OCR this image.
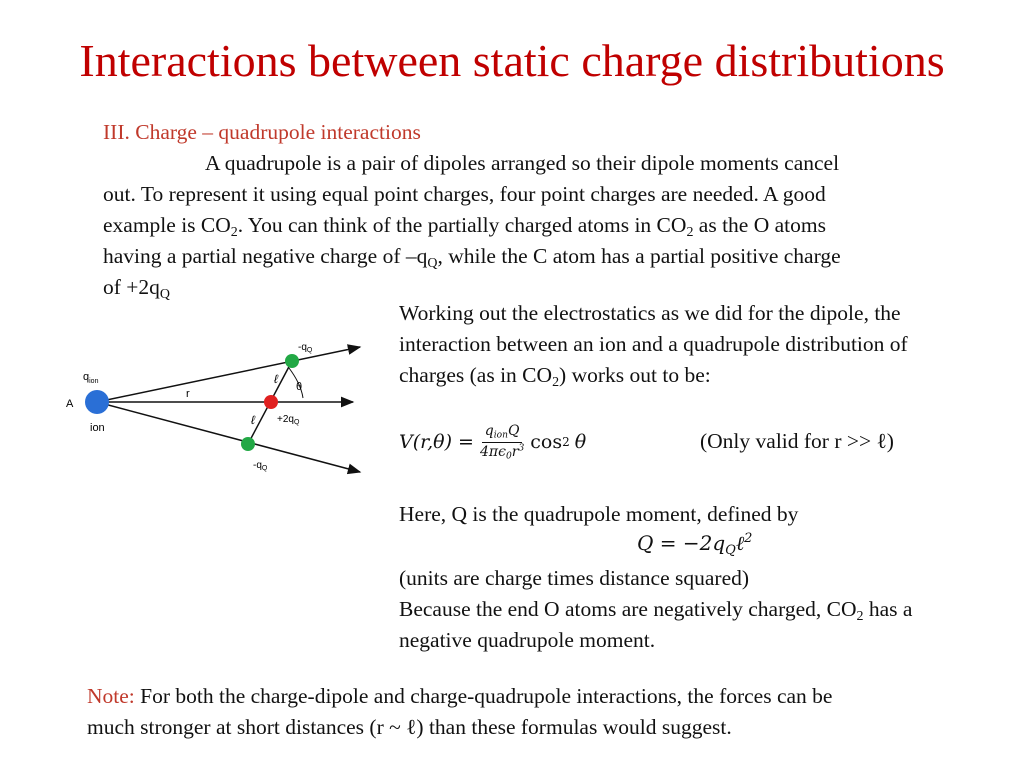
Interactions between static charge distributions
III. Charge – quadrupole interactions
A quadrupole is a pair of dipoles arranged so their dipole moments cancel
out. To represent it using equal point charges, four point charges are needed. A good
example is $CO_2$. You can think of the partially charged atoms in $CO_2$ as the O atoms
having a partial negative charge of $-q_Q$, while the C atom has a partial positive charge
of $+2q_Q$
$q_{ion}$
A
ion
r
ℓ
ℓ
θ
$-q_Q$
$+2q_Q$
$-q_Q$
Working out the electrostatics as we did for the dipole, the
interaction between an ion and a quadrupole distribution of
charges (as in $CO_2$) works out to be:
$V(r,\theta) = \frac{q_{ion}Q}{4\pi\epsilon_0r^3}$ cos 2 θ	(Only valid for r >> ℓ)
Here, Q is the quadrupole moment, defined by
$Q = -2q_Q\ell^2$
(units are charge times distance squared)
Because the end O atoms are negatively charged, $CO_2$ has a
negative quadrupole moment.
Note: For both the charge-dipole and charge-quadrupole interactions, the forces can be
much stronger at short distances (r ~ ℓ) than these formulas would suggest.
